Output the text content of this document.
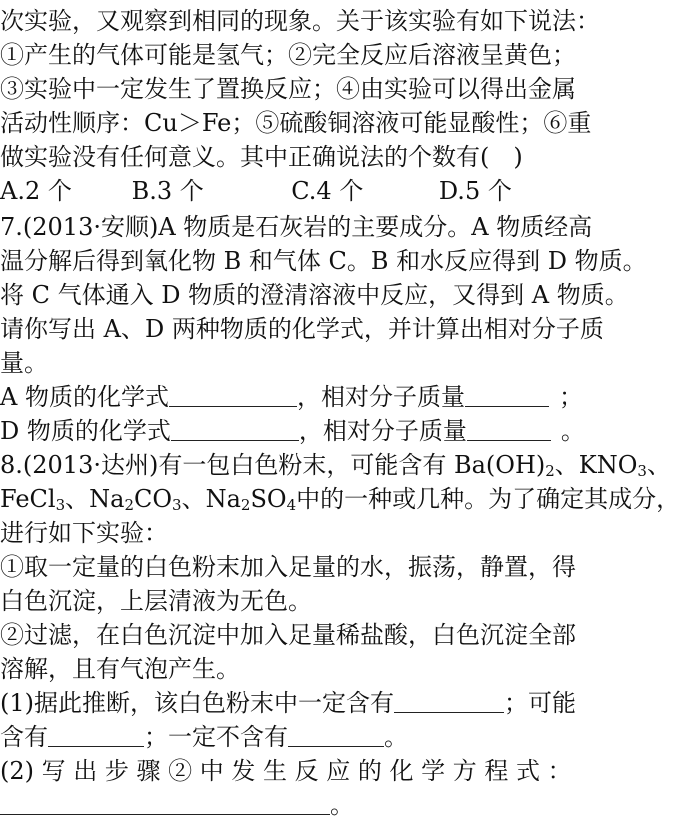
次实验，又观察到相同的现象。关于该实验有如下说法：
①产生的气体可能是氢气；②完全反应后溶液呈黄色；
③实验中一定发生了置换反应；④由实验可以得出金属
活动性顺序：Cu＞Fe；⑤硫酸铜溶液可能显酸性；⑥重
做实验没有任何意义。其中正确说法的个数有(　)
A.2 个 B.3 个	C.4 个	D.5 个
7.(2013·安顺)A 物质是石灰岩的主要成分。A 物质经高
温分解后得到氧化物 B 和气体 C。B 和水反应得到 D 物质。
将 C 气体通入 D 物质的澄清溶液中反应，又得到 A 物质。
请你写出 A、D 两种物质的化学式，并计算出相对分子质
量。
A 物质的化学式	，相对分子质量	；
D 物质的化学式	，相对分子质量	。
8.(2013·达州)有一包白色粉末，可能含有 $Ba(OH)_2$、$KNO_3$、
FeCl$_3$、$Na_2CO_3$、$Na_2SO_4$中的一种或几种。为了确定其成分，
进行如下实验：
①取一定量的白色粉末加入足量的水，振荡，静置，得
白色沉淀，上层清液为无色。
②过滤，在白色沉淀中加入足量稀盐酸，白色沉淀全部
溶解，且有气泡产生。
(1)据此推断，该白色粉末中一定含有	；可能
含有	；一定不含有	。
(2) 写 出 步 骤 ② 中 发 生 反 应 的 化 学 方 程 式 ：
。
